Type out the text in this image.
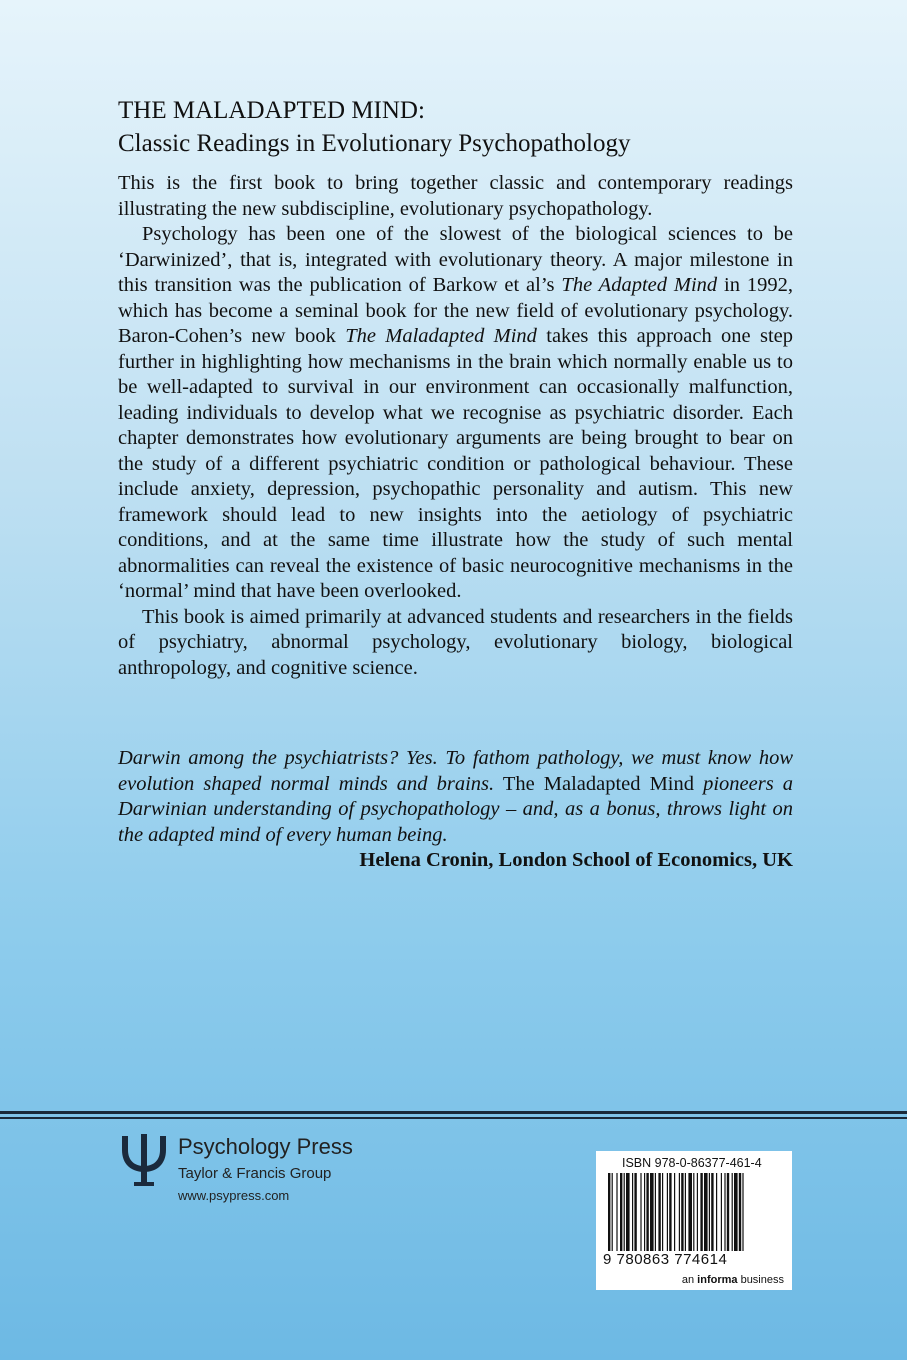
THE MALADAPTED MIND:
Classic Readings in Evolutionary Psychopathology

This is the first book to bring together classic and contemporary readings illustrating the new subdiscipline, evolutionary psychopathology.

Psychology has been one of the slowest of the biological sciences to be ‘Darwinized’, that is, integrated with evolutionary theory. A major milestone in this transition was the publication of Barkow et al’s The Adapted Mind in 1992, which has become a seminal book for the new field of evolutionary psychology. Baron-Cohen’s new book The Maladapted Mind takes this approach one step further in highlighting how mechanisms in the brain which normally enable us to be well-adapted to survival in our environment can occasionally malfunction, leading individuals to develop what we recognise as psychiatric disorder. Each chapter demonstrates how evolutionary arguments are being brought to bear on the study of a different psychiatric condition or pathological behaviour. These include anxiety, depression, psychopathic personality and autism. This new framework should lead to new insights into the aetiology of psychiatric conditions, and at the same time illustrate how the study of such mental abnormalities can reveal the existence of basic neurocognitive mechanisms in the ‘normal’ mind that have been overlooked.

This book is aimed primarily at advanced students and researchers in the fields of psychiatry, abnormal psychology, evolutionary biology, biological anthropology, and cognitive science.

Darwin among the psychiatrists? Yes. To fathom pathology, we must know how evolution shaped normal minds and brains. The Maladapted Mind pioneers a Darwinian understanding of psychopathology – and, as a bonus, throws light on the adapted mind of every human being.

Helena Cronin, London School of Economics, UK

Psychology Press
Taylor & Francis Group
www.psypress.com
ISBN 978-0-86377-461-4
9 780863 774614
an informa business
